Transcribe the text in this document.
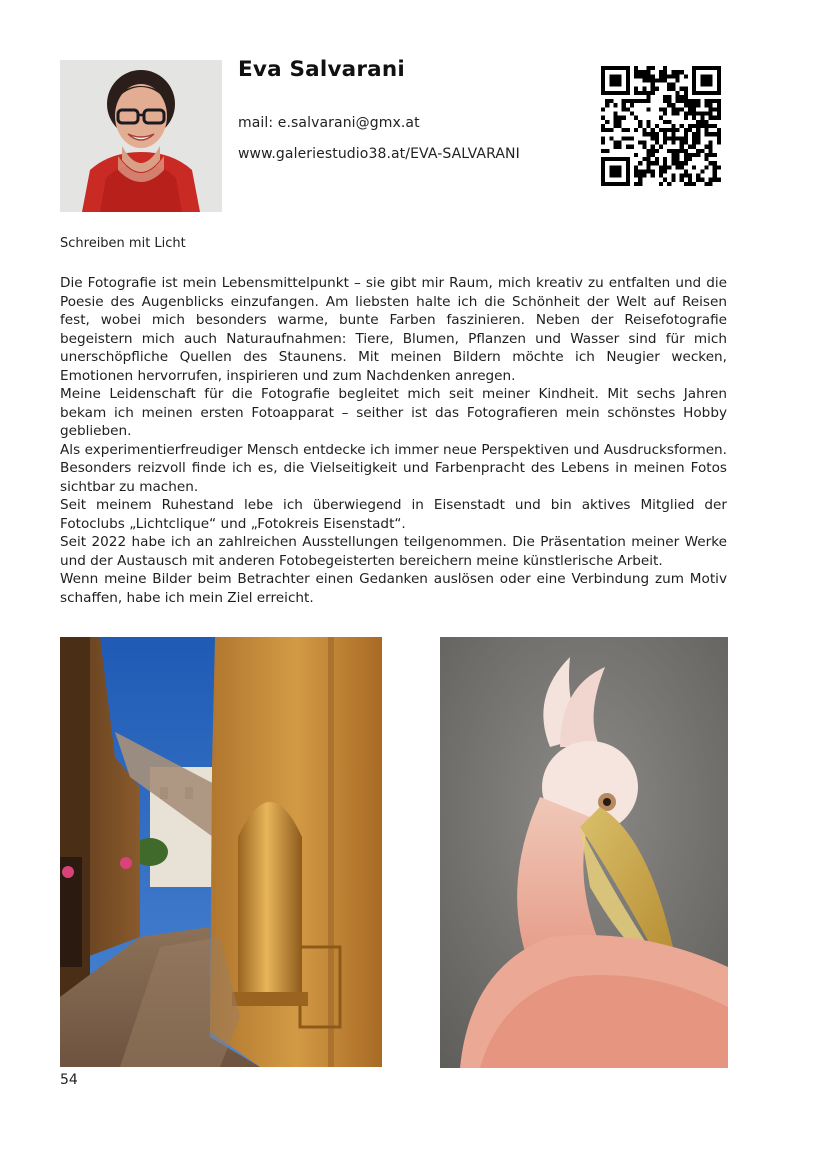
Eva Salvarani
mail: e.salvarani@gmx.at
www.galeriestudio38.at/EVA-SALVARANI
Schreiben mit Licht

Die Fotografie ist mein Lebensmittelpunkt – sie gibt mir Raum, mich kreativ zu entfalten und die Poesie des Augenblicks einzufangen. Am liebsten halte ich die Schönheit der Welt auf Reisen fest, wobei mich besonders warme, bunte Farben faszinieren. Neben der Reisefotografie begeistern mich auch Naturaufnahmen: Tiere, Blumen, Pflanzen und Wasser sind für mich unerschöpfliche Quellen des Staunens. Mit meinen Bildern möchte ich Neugier wecken, Emotionen hervorrufen, inspirieren und zum Nachdenken anregen.

Meine Leidenschaft für die Fotografie begleitet mich seit meiner Kindheit. Mit sechs Jahren bekam ich meinen ersten Fotoapparat – seither ist das Fotografieren mein schönstes Hobby geblieben.

Als experimentierfreudiger Mensch entdecke ich immer neue Perspektiven und Ausdrucksformen. Besonders reizvoll finde ich es, die Vielseitigkeit und Farbenpracht des Lebens in meinen Fotos sichtbar zu machen.

Seit meinem Ruhestand lebe ich überwiegend in Eisenstadt und bin aktives Mitglied der Fotoclubs „Lichtclique“ und „Fotokreis Eisenstadt“.

Seit 2022 habe ich an zahlreichen Ausstellungen teilgenommen. Die Präsentation meiner Werke und der Austausch mit anderen Fotobegeisterten bereichern meine künstlerische Arbeit.

Wenn meine Bilder beim Betrachter einen Gedanken auslösen oder eine Verbindung zum Motiv schaffen, habe ich mein Ziel erreicht.

54
